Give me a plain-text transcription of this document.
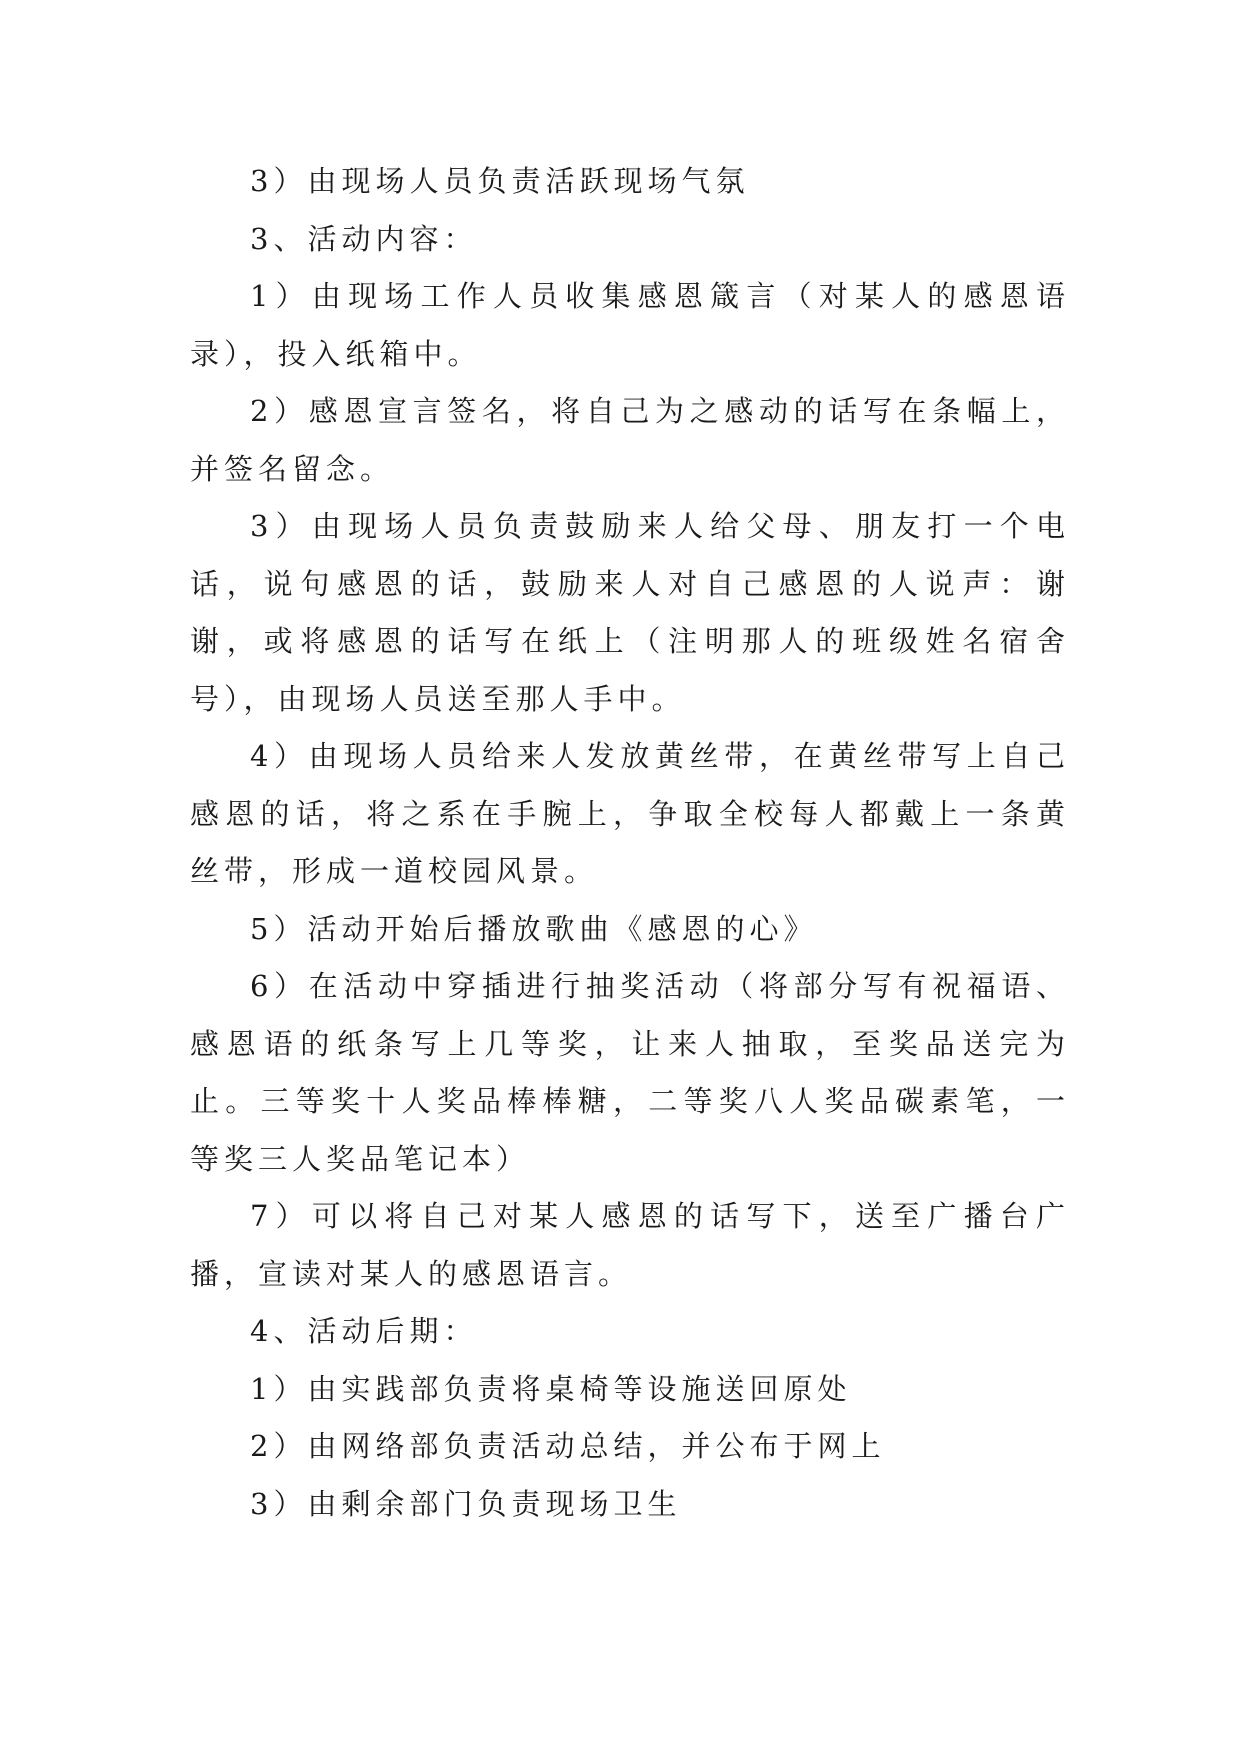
3）由现场人员负责活跃现场气氛

3、活动内容：

1）由现场工作人员收集感恩箴言（对某人的感恩语录），投入纸箱中。

2）感恩宣言签名，将自己为之感动的话写在条幅上，并签名留念。

3）由现场人员负责鼓励来人给父母、朋友打一个电话，说句感恩的话，鼓励来人对自己感恩的人说声：谢谢，或将感恩的话写在纸上（注明那人的班级姓名宿舍号），由现场人员送至那人手中。

4）由现场人员给来人发放黄丝带，在黄丝带写上自己感恩的话，将之系在手腕上，争取全校每人都戴上一条黄丝带，形成一道校园风景。

5）活动开始后播放歌曲《感恩的心》

6）在活动中穿插进行抽奖活动（将部分写有祝福语、感恩语的纸条写上几等奖，让来人抽取，至奖品送完为止。三等奖十人奖品棒棒糖，二等奖八人奖品碳素笔，一等奖三人奖品笔记本）

7）可以将自己对某人感恩的话写下，送至广播台广播，宣读对某人的感恩语言。

4、活动后期：

1）由实践部负责将桌椅等设施送回原处

2）由网络部负责活动总结，并公布于网上

3）由剩余部门负责现场卫生
